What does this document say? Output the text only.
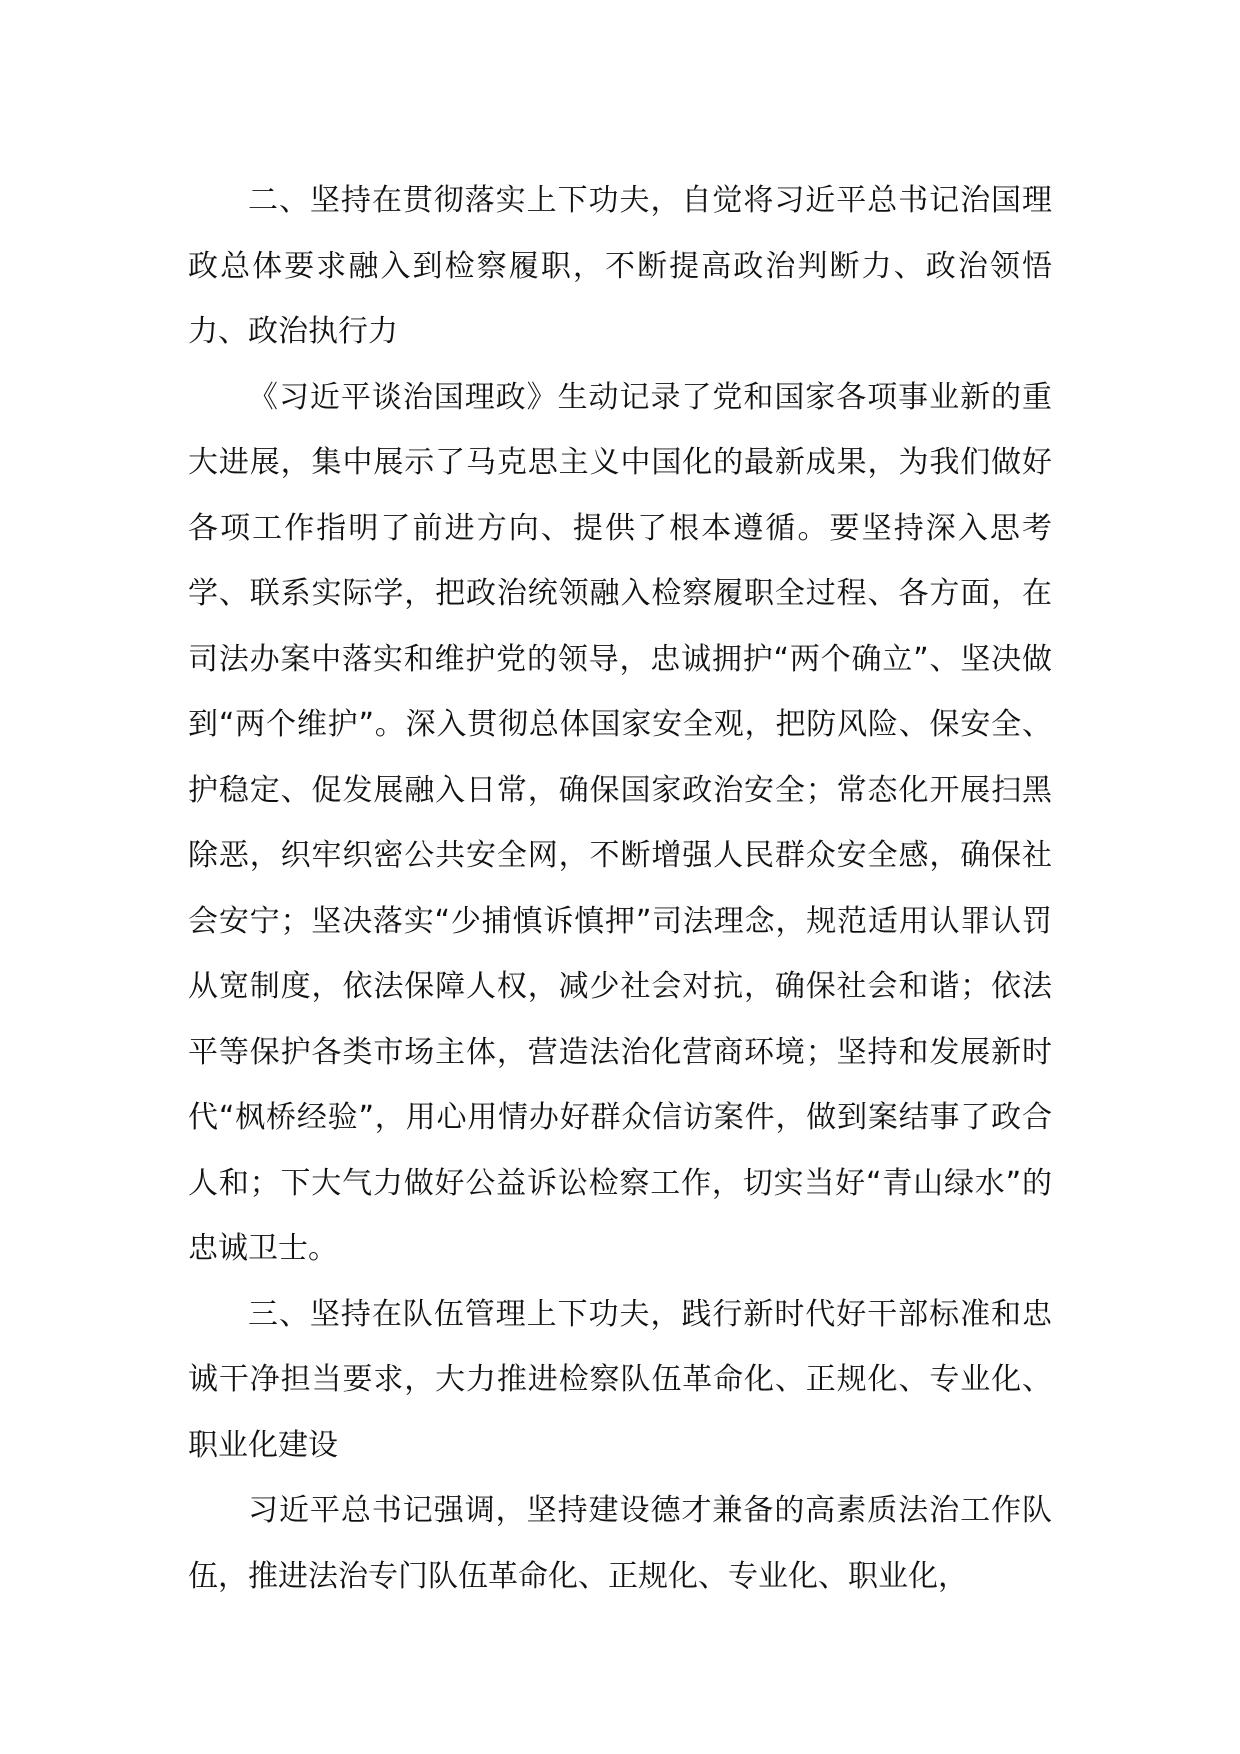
二、坚持在贯彻落实上下功夫，自觉将习近平总书记治国理政总体要求融入到检察履职，不断提高政治判断力、政治领悟力、政治执行力

《习近平谈治国理政》生动记录了党和国家各项事业新的重大进展，集中展示了马克思主义中国化的最新成果，为我们做好各项工作指明了前进方向、提供了根本遵循。要坚持深入思考学、联系实际学，把政治统领融入检察履职全过程、各方面，在司法办案中落实和维护党的领导，忠诚拥护“两个确立”、坚决做到“两个维护”。深入贯彻总体国家安全观，把防风险、保安全、护稳定、促发展融入日常，确保国家政治安全；常态化开展扫黑除恶，织牢织密公共安全网，不断增强人民群众安全感，确保社会安宁；坚决落实“少捕慎诉慎押”司法理念，规范适用认罪认罚从宽制度，依法保障人权，减少社会对抗，确保社会和谐；依法平等保护各类市场主体，营造法治化营商环境；坚持和发展新时代“枫桥经验”，用心用情办好群众信访案件，做到案结事了政合人和；下大气力做好公益诉讼检察工作，切实当好“青山绿水”的忠诚卫士。

三、坚持在队伍管理上下功夫，践行新时代好干部标准和忠诚干净担当要求，大力推进检察队伍革命化、正规化、专业化、职业化建设

习近平总书记强调，坚持建设德才兼备的高素质法治工作队伍，推进法治专门队伍革命化、正规化、专业化、职业化，
